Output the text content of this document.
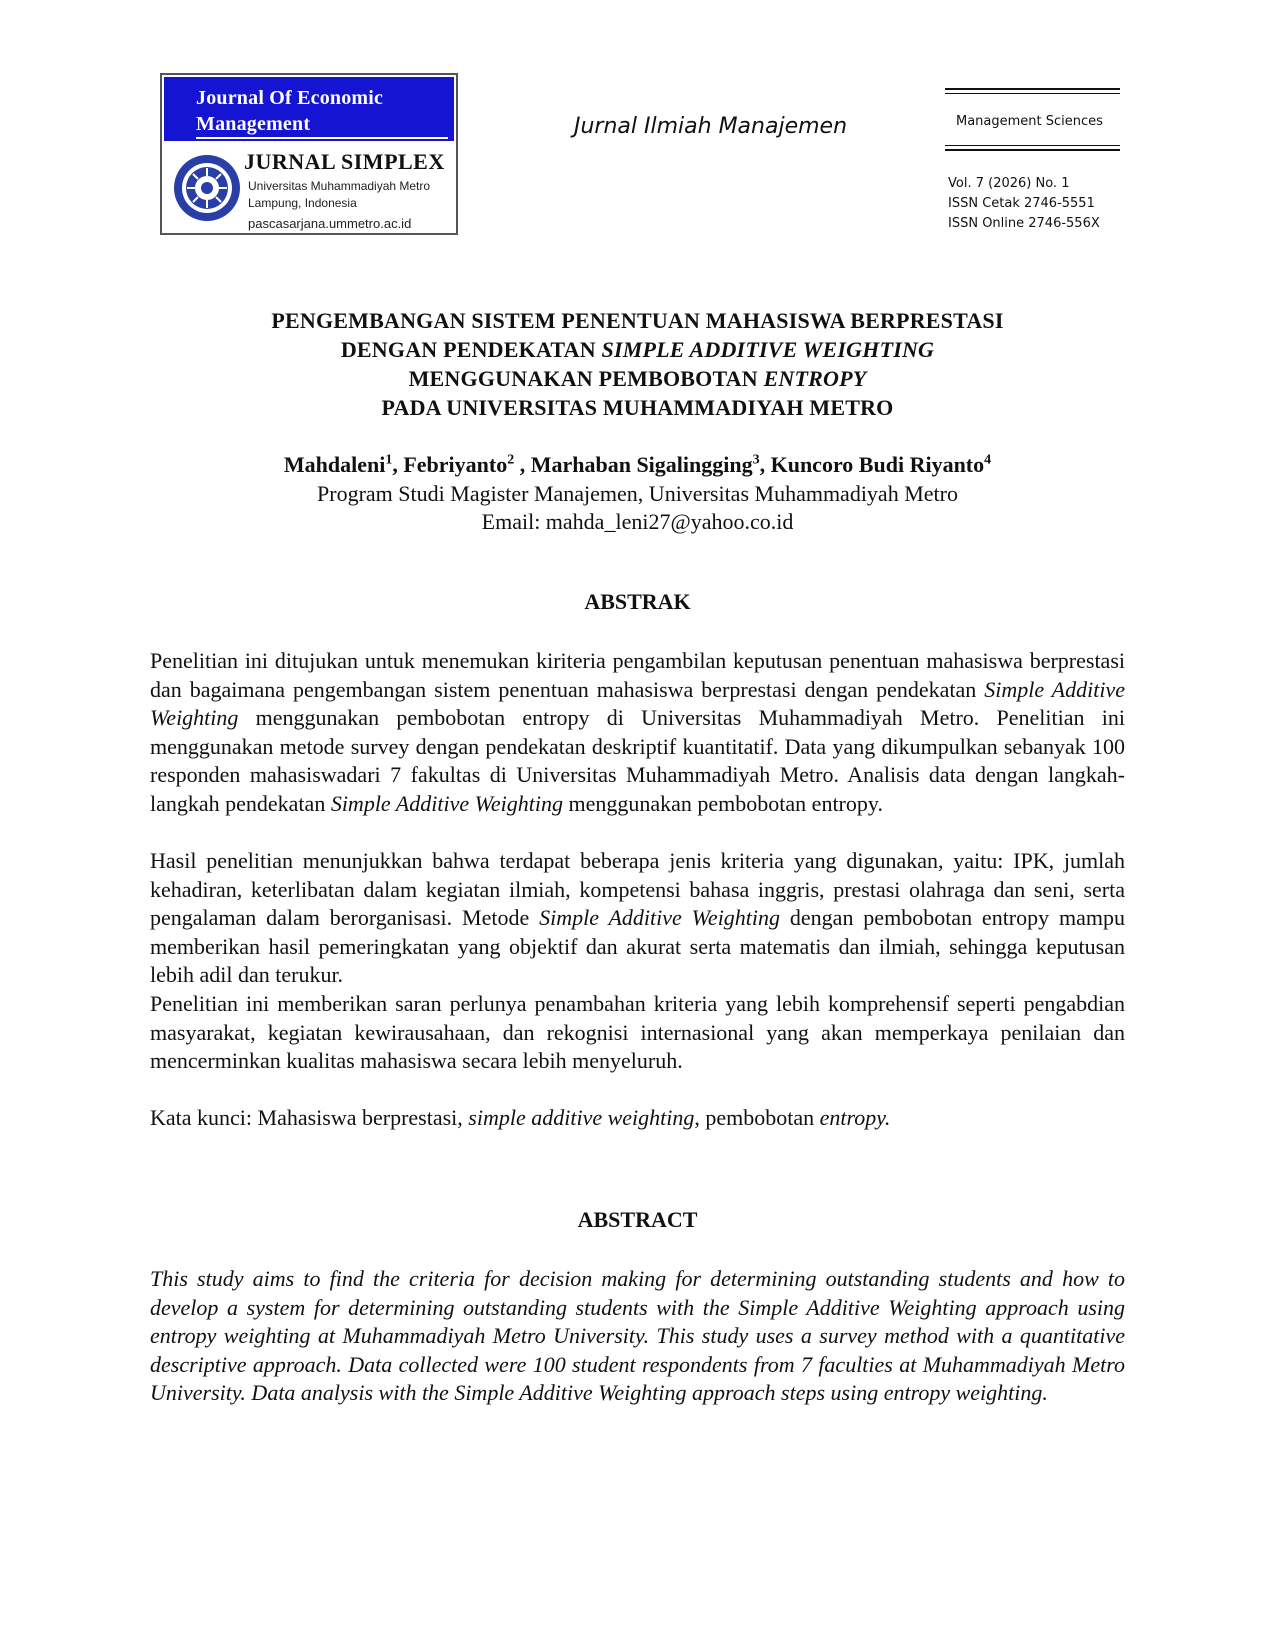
Journal Of Economic
Management
JURNAL SIMPLEX
Universitas Muhammadiyah Metro
Lampung, Indonesia
pascasarjana.ummetro.ac.id
Jurnal Ilmiah Manajemen	Management Sciences
Vol. 7 (2026) No. 1
ISSN Cetak 2746-5551
ISSN Online 2746-556X
PENGEMBANGAN SISTEM PENENTUAN MAHASISWA BERPRESTASI
DENGAN PENDEKATAN SIMPLE ADDITIVE WEIGHTING
MENGGUNAKAN PEMBOBOTAN ENTROPY
PADA UNIVERSITAS MUHAMMADIYAH METRO
Mahdaleni$^1$, Febriyanto$^2$ , Marhaban Sigalingging$^3$, Kuncoro Budi Riyanto$^4$
Program Studi Magister Manajemen, Universitas Muhammadiyah Metro
Email: mahda_leni27@yahoo.co.id
ABSTRAK

Penelitian ini ditujukan untuk menemukan kiriteria pengambilan keputusan penentuan mahasiswa berprestasi dan bagaimana pengembangan sistem penentuan mahasiswa berprestasi dengan pendekatan Simple Additive Weighting menggunakan pembobotan entropy di Universitas Muhammadiyah Metro. Penelitian ini menggunakan metode survey dengan pendekatan deskriptif kuantitatif. Data yang dikumpulkan sebanyak 100 responden mahasiswadari 7 fakultas di Universitas Muhammadiyah Metro. Analisis data dengan langkah-langkah pendekatan Simple Additive Weighting menggunakan pembobotan entropy.

Hasil penelitian menunjukkan bahwa terdapat beberapa jenis kriteria yang digunakan, yaitu: IPK, jumlah kehadiran, keterlibatan dalam kegiatan ilmiah, kompetensi bahasa inggris, prestasi olahraga dan seni, serta pengalaman dalam berorganisasi. Metode Simple Additive Weighting dengan pembobotan entropy mampu memberikan hasil pemeringkatan yang objektif dan akurat serta matematis dan ilmiah, sehingga keputusan lebih adil dan terukur.

Penelitian ini memberikan saran perlunya penambahan kriteria yang lebih komprehensif seperti pengabdian masyarakat, kegiatan kewirausahaan, dan rekognisi internasional yang akan memperkaya penilaian dan mencerminkan kualitas mahasiswa secara lebih menyeluruh.

Kata kunci: Mahasiswa berprestasi, simple additive weighting, pembobotan entropy.

ABSTRACT

This study aims to find the criteria for decision making for determining outstanding students and how to develop a system for determining outstanding students with the Simple Additive Weighting approach using entropy weighting at Muhammadiyah Metro University. This study uses a survey method with a quantitative descriptive approach. Data collected were 100 student respondents from 7 faculties at Muhammadiyah Metro University. Data analysis with the Simple Additive Weighting approach steps using entropy weighting.
